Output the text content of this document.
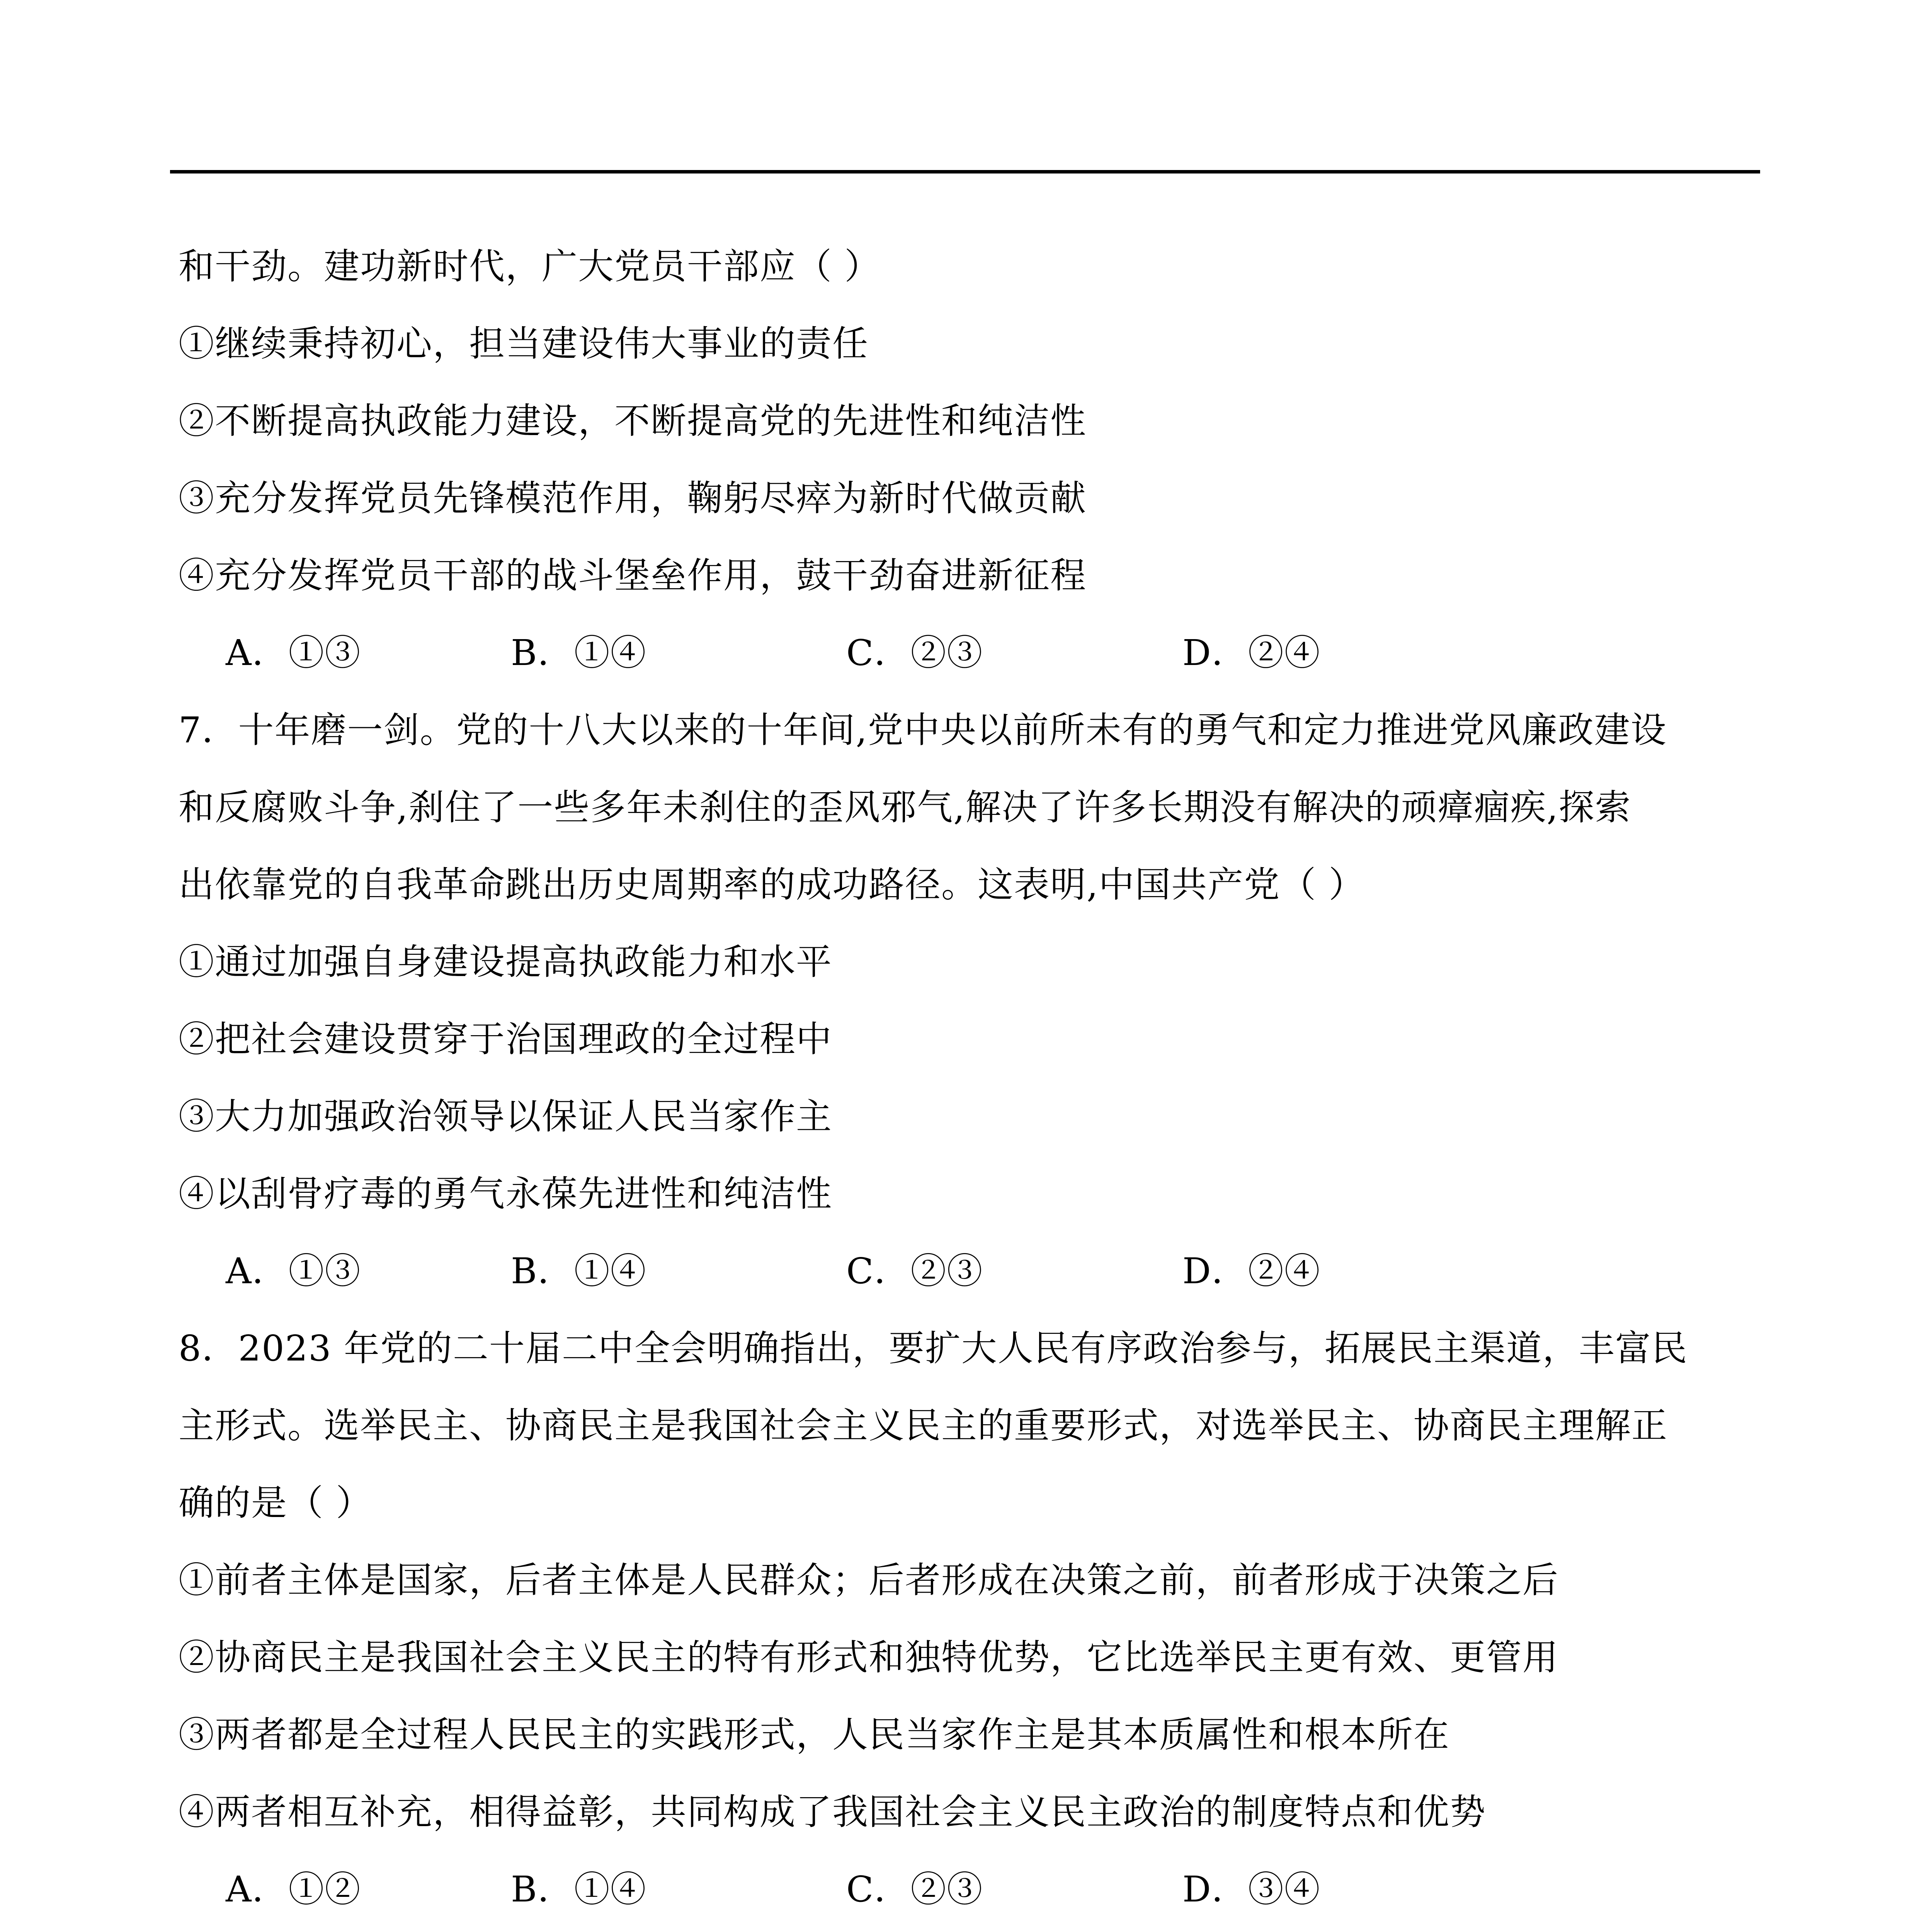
和干劲。建功新时代，广大党员干部应（ ）
①继续秉持初心，担当建设伟大事业的责任
②不断提高执政能力建设，不断提高党的先进性和纯洁性
③充分发挥党员先锋模范作用，鞠躬尽瘁为新时代做贡献
④充分发挥党员干部的战斗堡垒作用，鼓干劲奋进新征程
A．①③	B．①④	C．②③	D．②④
7．十年磨一剑。党的十八大以来的十年间,党中央以前所未有的勇气和定力推进党风廉政建设
和反腐败斗争,刹住了一些多年未刹住的歪风邪气,解决了许多长期没有解决的顽瘴痼疾,探索
出依靠党的自我革命跳出历史周期率的成功路径。这表明,中国共产党（ ）
①通过加强自身建设提高执政能力和水平
②把社会建设贯穿于治国理政的全过程中
③大力加强政治领导以保证人民当家作主
④以刮骨疗毒的勇气永葆先进性和纯洁性
A．①③	B．①④	C．②③	D．②④
8．2023 年党的二十届二中全会明确指出，要扩大人民有序政治参与，拓展民主渠道，丰富民
主形式。选举民主、协商民主是我国社会主义民主的重要形式，对选举民主、协商民主理解正
确的是（ ）
①前者主体是国家，后者主体是人民群众；后者形成在决策之前，前者形成于决策之后
②协商民主是我国社会主义民主的特有形式和独特优势，它比选举民主更有效、更管用
③两者都是全过程人民民主的实践形式，人民当家作主是其本质属性和根本所在
④两者相互补充，相得益彰，共同构成了我国社会主义民主政治的制度特点和优势
A．①②	B．①④	C．②③	D．③④
